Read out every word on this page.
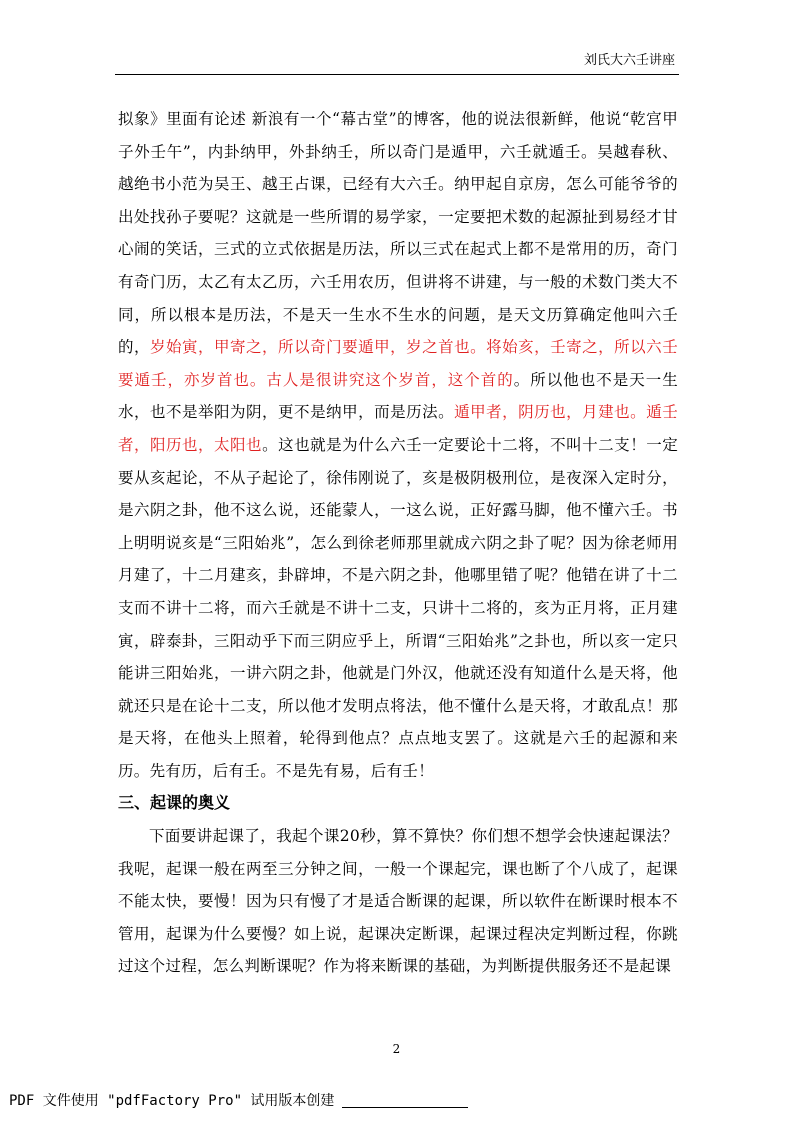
刘氏大六壬讲座

拟象》里面有论述 新浪有一个“幕古堂”的博客，他的说法很新鲜，他说“乾宫甲子外壬午”，内卦纳甲，外卦纳壬，所以奇门是遁甲，六壬就遁壬。吴越春秋、越绝书小范为吴王、越王占课，已经有大六壬。纳甲起自京房，怎么可能爷爷的出处找孙子要呢？这就是一些所谓的易学家，一定要把术数的起源扯到易经才甘心闹的笑话，三式的立式依据是历法，所以三式在起式上都不是常用的历，奇门有奇门历，太乙有太乙历，六壬用农历，但讲将不讲建，与一般的术数门类大不同，所以根本是历法，不是天一生水不生水的问题，是天文历算确定他叫六壬的，岁始寅，甲寄之，所以奇门要遁甲，岁之首也。将始亥，壬寄之，所以六壬要遁壬，亦岁首也。古人是很讲究这个岁首，这个首的。所以他也不是天一生水，也不是举阳为阴，更不是纳甲，而是历法。遁甲者，阴历也，月建也。遁壬者，阳历也，太阳也。这也就是为什么六壬一定要论十二将，不叫十二支！一定要从亥起论，不从子起论了，徐伟刚说了，亥是极阴极刑位，是夜深入定时分，是六阴之卦，他不这么说，还能蒙人，一这么说，正好露马脚，他不懂六壬。书上明明说亥是“三阳始兆”，怎么到徐老师那里就成六阴之卦了呢？因为徐老师用月建了，十二月建亥，卦辟坤，不是六阴之卦，他哪里错了呢？他错在讲了十二支而不讲十二将，而六壬就是不讲十二支，只讲十二将的，亥为正月将，正月建寅，辟泰卦，三阳动乎下而三阴应乎上，所谓“三阳始兆”之卦也，所以亥一定只能讲三阳始兆，一讲六阴之卦，他就是门外汉，他就还没有知道什么是天将，他就还只是在论十二支，所以他才发明点将法，他不懂什么是天将，才敢乱点！那是天将，在他头上照着，轮得到他点？点点地支罢了。这就是六壬的起源和来历。先有历，后有壬。不是先有易，后有壬！

三、起课的奥义

下面要讲起课了，我起个课20秒，算不算快？你们想不想学会快速起课法？我呢，起课一般在两至三分钟之间，一般一个课起完，课也断了个八成了，起课不能太快，要慢！因为只有慢了才是适合断课的起课，所以软件在断课时根本不管用，起课为什么要慢？如上说，起课决定断课，起课过程决定判断过程，你跳过这个过程，怎么判断课呢？作为将来断课的基础，为判断提供服务还不是起课

2
PDF 文件使用 "pdfFactory Pro" 试用版本创建
